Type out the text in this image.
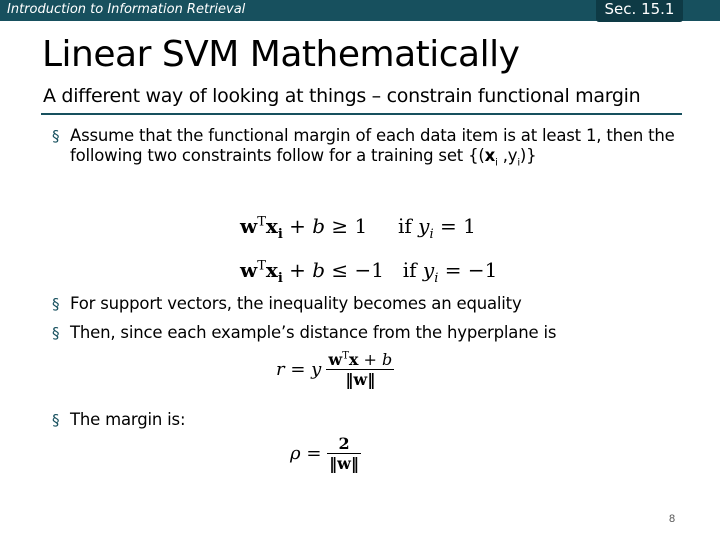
Introduction to Information Retrieval	Sec. 15.1
Linear SVM Mathematically
A different way of looking at things – constrain functional margin
§ Assume that the functional margin of each data item is at least 1, then the
following two constraints follow for a training set {($x_i$ $,y_i$)}
$w^Tx_i + b \ge 1$ if $y_i = 1$
$w^Tx_i + b \le -1$ if $y_i = -1$
§ For support vectors, the inequality becomes an equality
§ Then, since each example’s distance from the hyperplane is
r = y $\frac{w^Tx + b}{‖w‖}$
§ The margin is:
$\rho = \frac{2}{‖w‖}$
8
